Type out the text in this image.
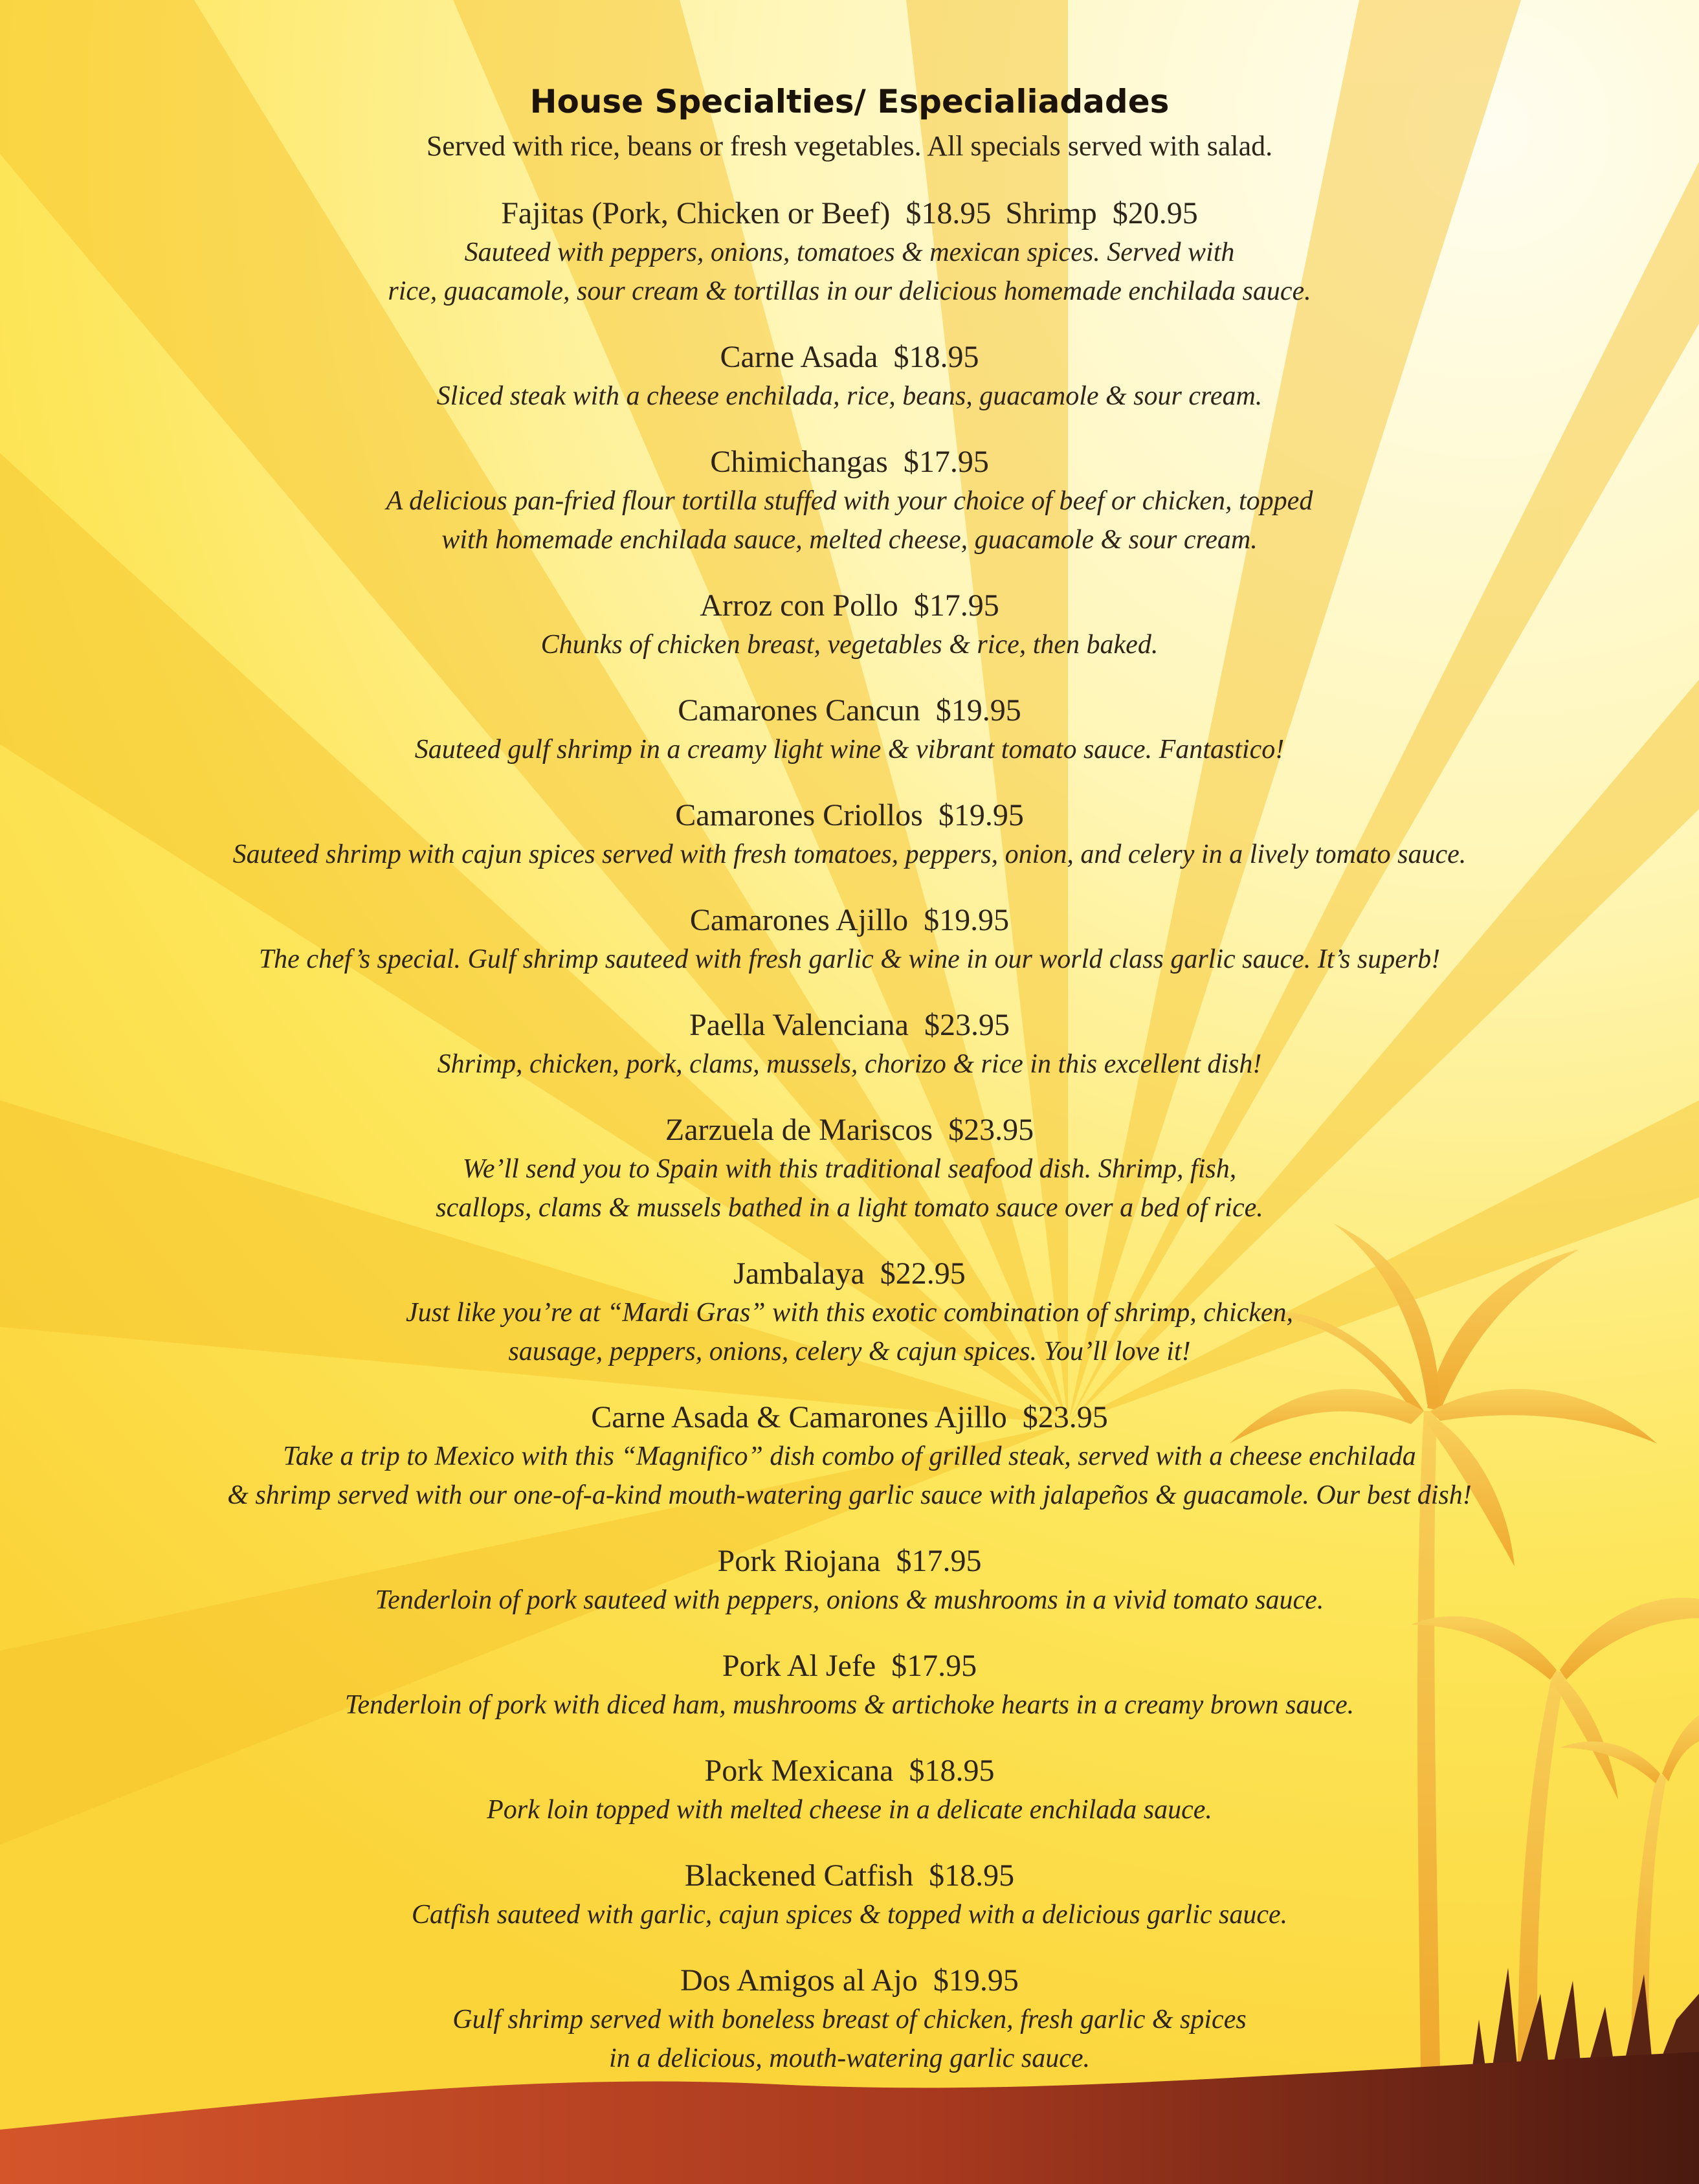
House Specialties/ Especialiadades
Served with rice, beans or fresh vegetables. All specials served with salad.
Fajitas (Pork, Chicken or Beef) $18.95 Shrimp $20.95
Sauteed with peppers, onions, tomatoes & mexican spices. Served with
rice, guacamole, sour cream & tortillas in our delicious homemade enchilada sauce.
Carne Asada $18.95
Sliced steak with a cheese enchilada, rice, beans, guacamole & sour cream.
Chimichangas $17.95
A delicious pan-fried flour tortilla stuffed with your choice of beef or chicken, topped
with homemade enchilada sauce, melted cheese, guacamole & sour cream.
Arroz con Pollo $17.95
Chunks of chicken breast, vegetables & rice, then baked.
Camarones Cancun $19.95
Sauteed gulf shrimp in a creamy light wine & vibrant tomato sauce. Fantastico!
Camarones Criollos $19.95
Sauteed shrimp with cajun spices served with fresh tomatoes, peppers, onion, and celery in a lively tomato sauce.
Camarones Ajillo $19.95
The chef’s special. Gulf shrimp sauteed with fresh garlic & wine in our world class garlic sauce. It’s superb!
Paella Valenciana $23.95
Shrimp, chicken, pork, clams, mussels, chorizo & rice in this excellent dish!
Zarzuela de Mariscos $23.95
We’ll send you to Spain with this traditional seafood dish. Shrimp, fish,
scallops, clams & mussels bathed in a light tomato sauce over a bed of rice.
Jambalaya $22.95
Just like you’re at “Mardi Gras” with this exotic combination of shrimp, chicken,
sausage, peppers, onions, celery & cajun spices. You’ll love it!
Carne Asada & Camarones Ajillo $23.95
Take a trip to Mexico with this “Magnifico” dish combo of grilled steak, served with a cheese enchilada
& shrimp served with our one-of-a-kind mouth-watering garlic sauce with jalapeños & guacamole. Our best dish!
Pork Riojana $17.95
Tenderloin of pork sauteed with peppers, onions & mushrooms in a vivid tomato sauce.
Pork Al Jefe $17.95
Tenderloin of pork with diced ham, mushrooms & artichoke hearts in a creamy brown sauce.
Pork Mexicana $18.95
Pork loin topped with melted cheese in a delicate enchilada sauce.
Blackened Catfish $18.95
Catfish sauteed with garlic, cajun spices & topped with a delicious garlic sauce.
Dos Amigos al Ajo $19.95
Gulf shrimp served with boneless breast of chicken, fresh garlic & spices
in a delicious, mouth-watering garlic sauce.
